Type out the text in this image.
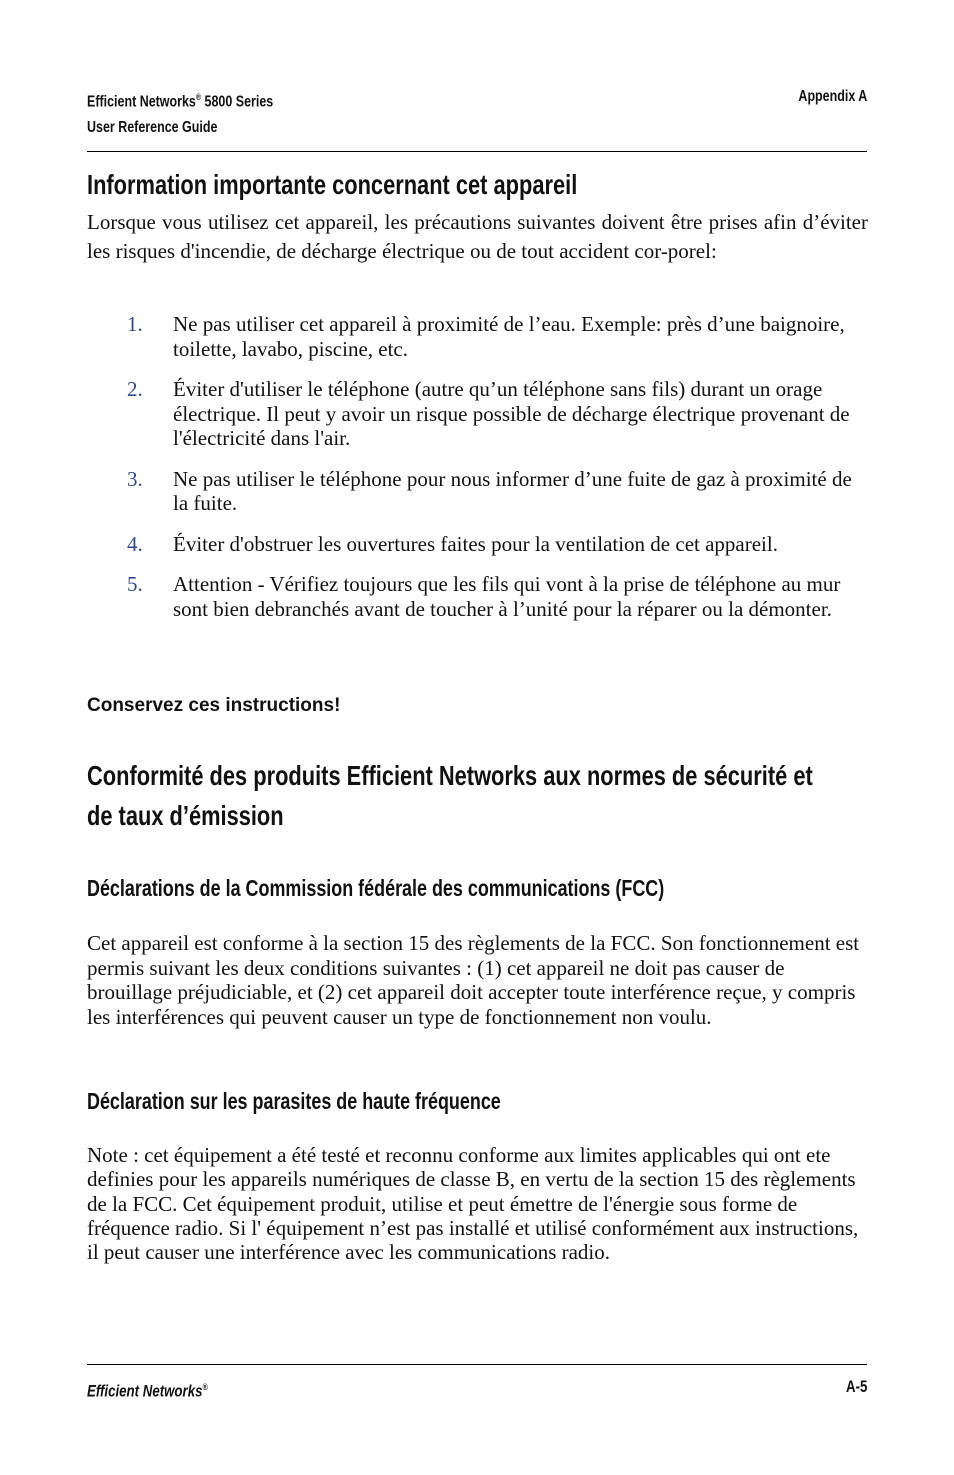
Efficient Networks® 5800 Series
User Reference Guide
Appendix A
Information importante concernant cet appareil
Lorsque vous utilisez cet appareil, les précautions suivantes doivent être prises afin d’éviter les risques d'incendie, de décharge électrique ou de tout accident cor-porel:
1. Ne pas utiliser cet appareil à proximité de l’eau. Exemple: près d’une baignoire, toilette, lavabo, piscine, etc.
2. Éviter d'utiliser le téléphone (autre qu’un téléphone sans fils) durant un orage électrique. Il peut y avoir un risque possible de décharge électrique provenant de l'électricité dans l'air.
3. Ne pas utiliser le téléphone pour nous informer d’une fuite de gaz à proximité de la fuite.
4. Éviter d'obstruer les ouvertures faites pour la ventilation de cet appareil.
5. Attention - Vérifiez toujours que les fils qui vont à la prise de téléphone au mur sont bien debranchés avant de toucher à l’unité pour la réparer ou la démonter.
Conservez ces instructions!
Conformité des produits Efficient Networks aux normes de sécurité et
de taux d’émission
Déclarations de la Commission fédérale des communications (FCC)
Cet appareil est conforme à la section 15 des règlements de la FCC. Son fonctionnement est permis suivant les deux conditions suivantes : (1) cet appareil ne doit pas causer de brouillage préjudiciable, et (2) cet appareil doit accepter toute interférence reçue, y compris les interférences qui peuvent causer un type de fonctionnement non voulu.
Déclaration sur les parasites de haute fréquence
Note : cet équipement a été testé et reconnu conforme aux limites applicables qui ont ete definies pour les appareils numériques de classe B, en vertu de la section 15 des règlements de la FCC. Cet équipement produit, utilise et peut émettre de l'énergie sous forme de fréquence radio. Si l' équipement n’est pas installé et utilisé conformément aux instructions, il peut causer une interférence avec les communications radio.
Efficient Networks®	A-5
